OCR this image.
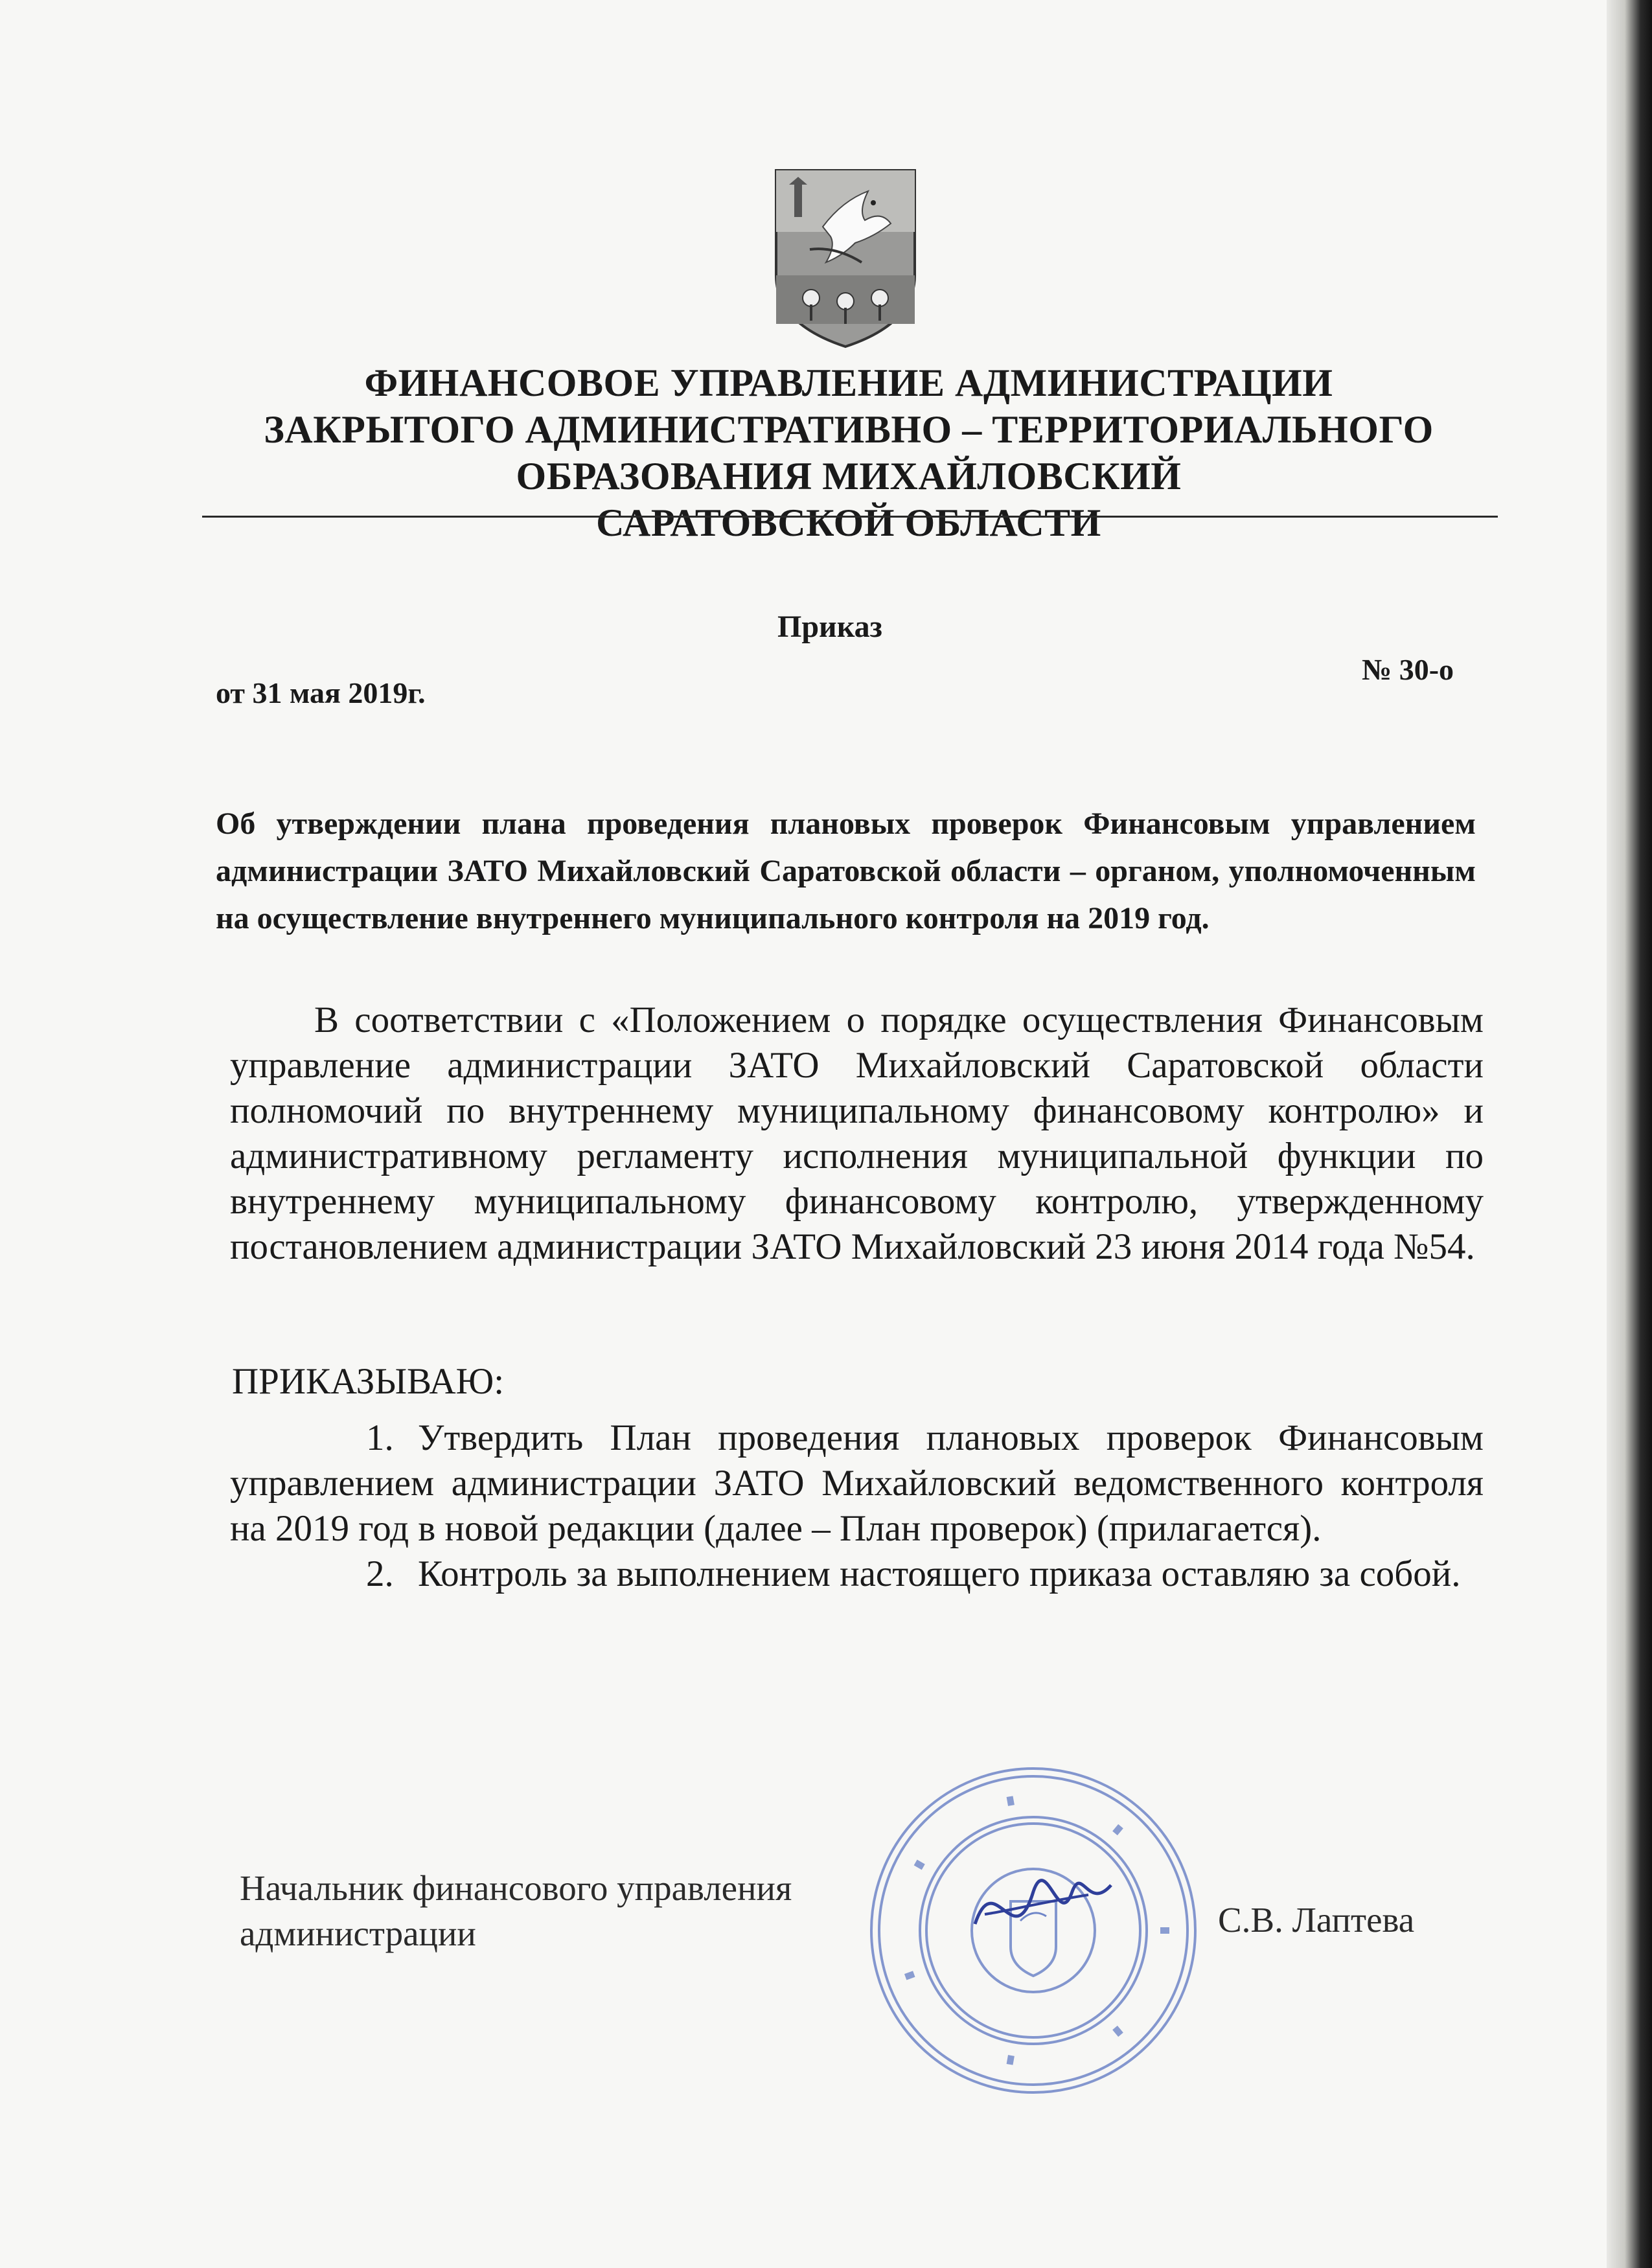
ФИНАНСОВОЕ УПРАВЛЕНИЕ АДМИНИСТРАЦИИ
ЗАКРЫТОГО АДМИНИСТРАТИВНО – ТЕРРИТОРИАЛЬНОГО
ОБРАЗОВАНИЯ МИХАЙЛОВСКИЙ
САРАТОВСКОЙ ОБЛАСТИ
Приказ
от 31 мая 2019г.
№ 30-о
Об утверждении плана проведения плановых проверок Финансовым управлением администрации ЗАТО Михайловский Саратовской области – органом, уполномоченным на осуществление внутреннего муниципального контроля на 2019 год.
В соответствии с «Положением о порядке осуществления Финансовым управление администрации ЗАТО Михайловский Саратовской области полномочий по внутреннему муниципальному финансовому контролю» и административному регламенту исполнения муниципальной функции по внутреннему муниципальному финансовому контролю, утвержденному постановлением администрации ЗАТО Михайловский 23 июня 2014 года №54.
ПРИКАЗЫВАЮ:
1. Утвердить План проведения плановых проверок Финансовым управлением администрации ЗАТО Михайловский ведомственного контроля на 2019 год в новой редакции (далее – План проверок) (прилагается).
2. Контроль за выполнением настоящего приказа оставляю за собой.
Начальник финансового управления
администрации	С.В. Лаптева
